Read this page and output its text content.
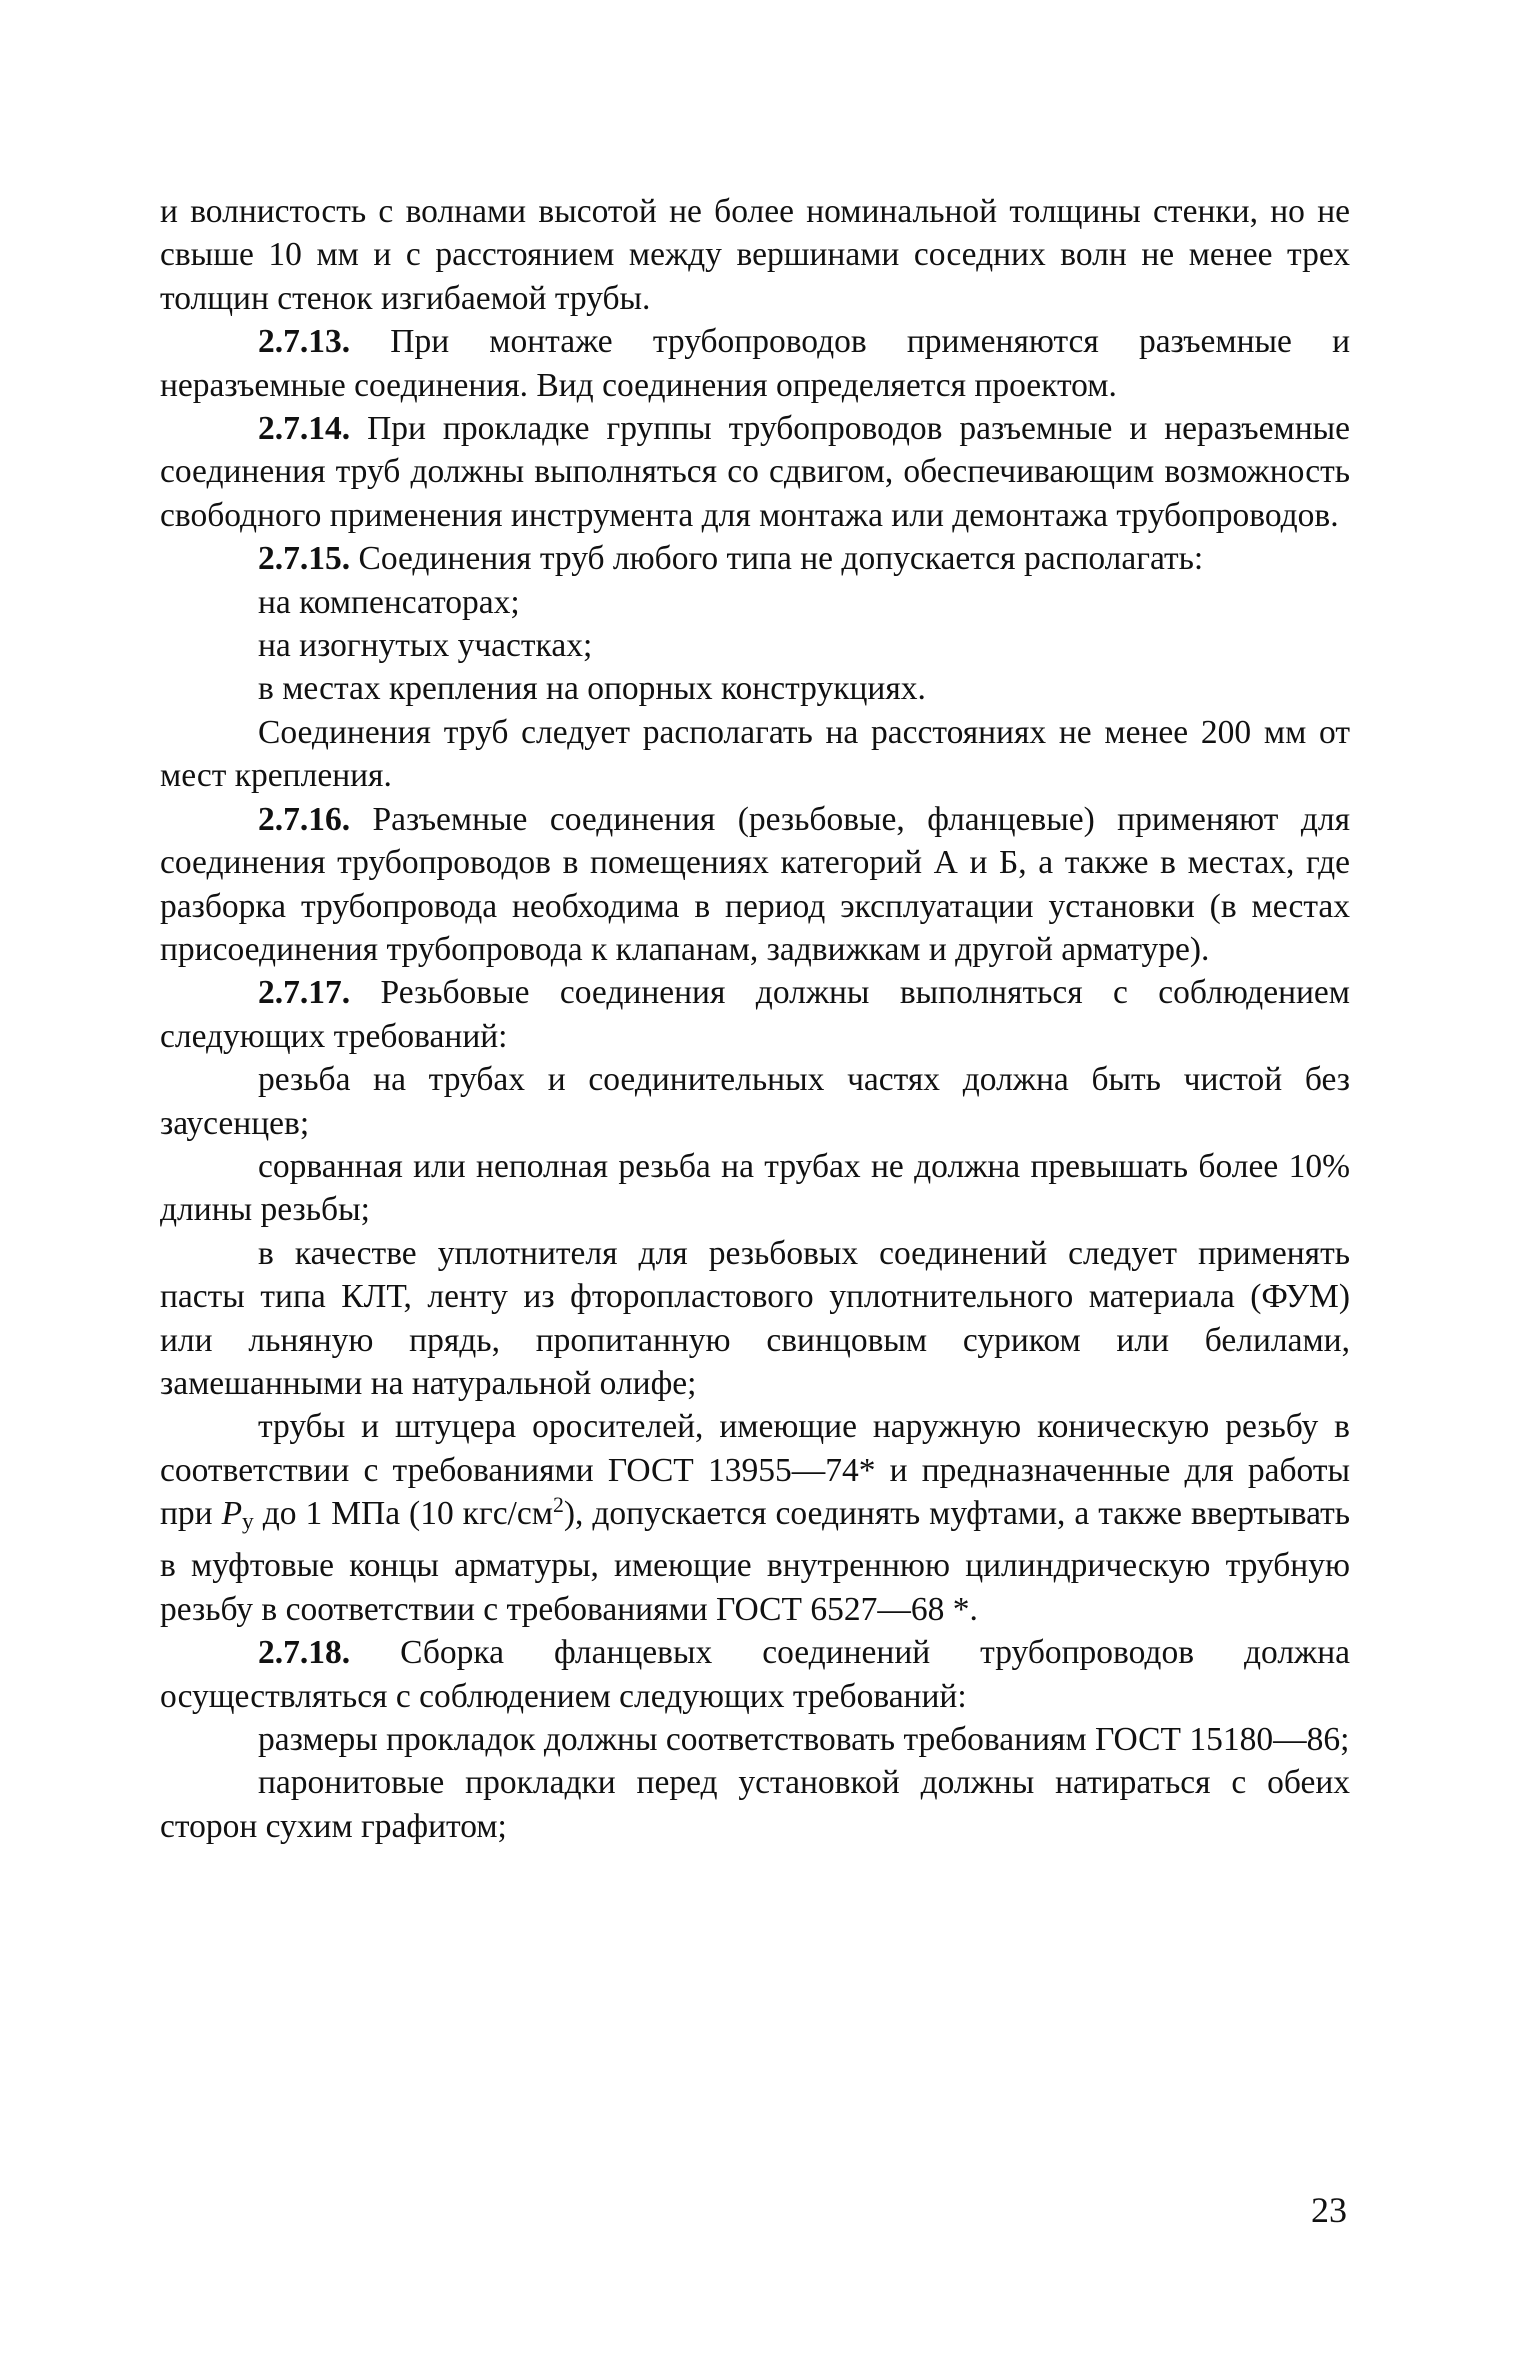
и волнистость с волнами высотой не более номинальной толщины стенки, но не свыше 10 мм и с расстоянием между вершинами соседних волн не менее трех толщин стенок изгибаемой трубы.

2.7.13. При монтаже трубопроводов применяются разъемные и неразъемные соединения. Вид соединения определяется проектом.

2.7.14. При прокладке группы трубопроводов разъемные и неразъемные соединения труб должны выполняться со сдвигом, обеспечивающим возможность свободного применения инструмента для монтажа или демонтажа трубопроводов.

2.7.15. Соединения труб любого типа не допускается располагать:

на компенсаторах;

на изогнутых участках;

в местах крепления на опорных конструкциях.

Соединения труб следует располагать на расстояниях не менее 200 мм от мест крепления.

2.7.16. Разъемные соединения (резьбовые, фланцевые) применяют для соединения трубопроводов в помещениях категорий А и Б, а также в местах, где разборка трубопровода необходима в период эксплуатации установки (в местах присоединения трубопровода к клапанам, задвижкам и другой арматуре).

2.7.17. Резьбовые соединения должны выполняться с соблюдением следующих требований:

резьба на трубах и соединительных частях должна быть чистой без заусенцев;

сорванная или неполная резьба на трубах не должна превышать более 10% длины резьбы;

в качестве уплотнителя для резьбовых соединений следует применять пасты типа КЛТ, ленту из фторопластового уплотнительного материала (ФУМ) или льняную прядь, пропитанную свинцовым суриком или белилами, замешанными на натуральной олифе;

трубы и штуцера оросителей, имеющие наружную коническую резьбу в соответствии с требованиями ГОСТ 13955—74* и предназначенные для работы при $P_у$ до 1 МПа (10 кгс/$см^2$), допускается соединять муфтами, а также ввертывать в муфтовые концы арматуры, имеющие внутреннюю цилиндрическую трубную резьбу в соответствии с требованиями ГОСТ 6527—68 *.

2.7.18. Сборка фланцевых соединений трубопроводов должна осуществляться с соблюдением следующих требований:

размеры прокладок должны соответствовать требованиям ГОСТ 15180—86;

паронитовые прокладки перед установкой должны натираться с обеих сторон сухим графитом;

23
